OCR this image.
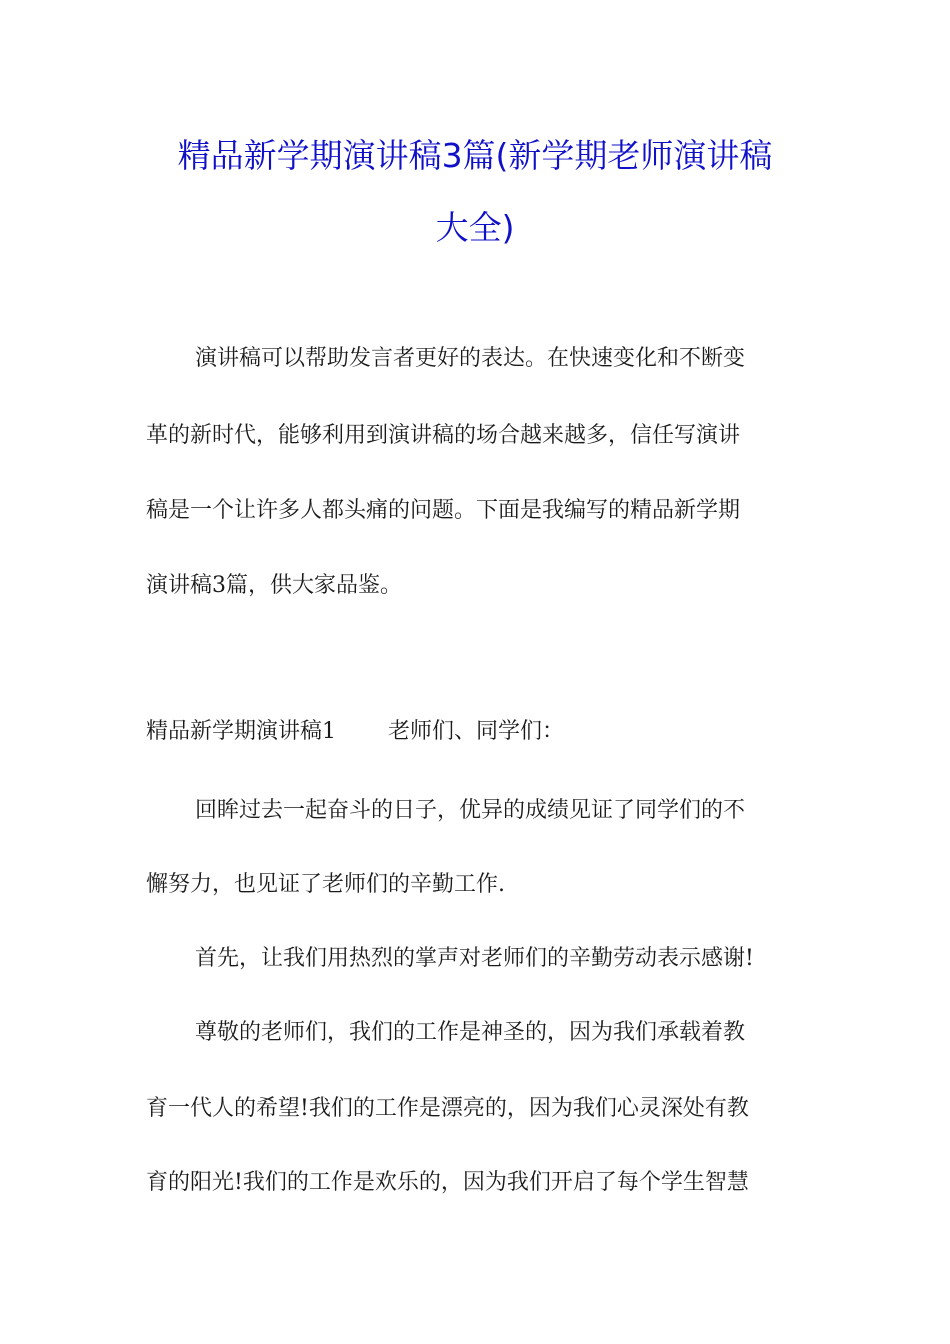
精品新学期演讲稿3篇(新学期老师演讲稿
大全)
演讲稿可以帮助发言者更好的表达。在快速变化和不断变
革的新时代，能够利用到演讲稿的场合越来越多，信任写演讲
稿是一个让许多人都头痛的问题。下面是我编写的精品新学期
演讲稿3篇，供大家品鉴。
精品新学期演讲稿1 老师们、同学们：
回眸过去一起奋斗的日子，优异的成绩见证了同学们的不
懈努力，也见证了老师们的辛勤工作.
首先，让我们用热烈的掌声对老师们的辛勤劳动表示感谢!
尊敬的老师们，我们的工作是神圣的，因为我们承载着教
育一代人的希望!我们的工作是漂亮的，因为我们心灵深处有教
育的阳光!我们的工作是欢乐的，因为我们开启了每个学生智慧
